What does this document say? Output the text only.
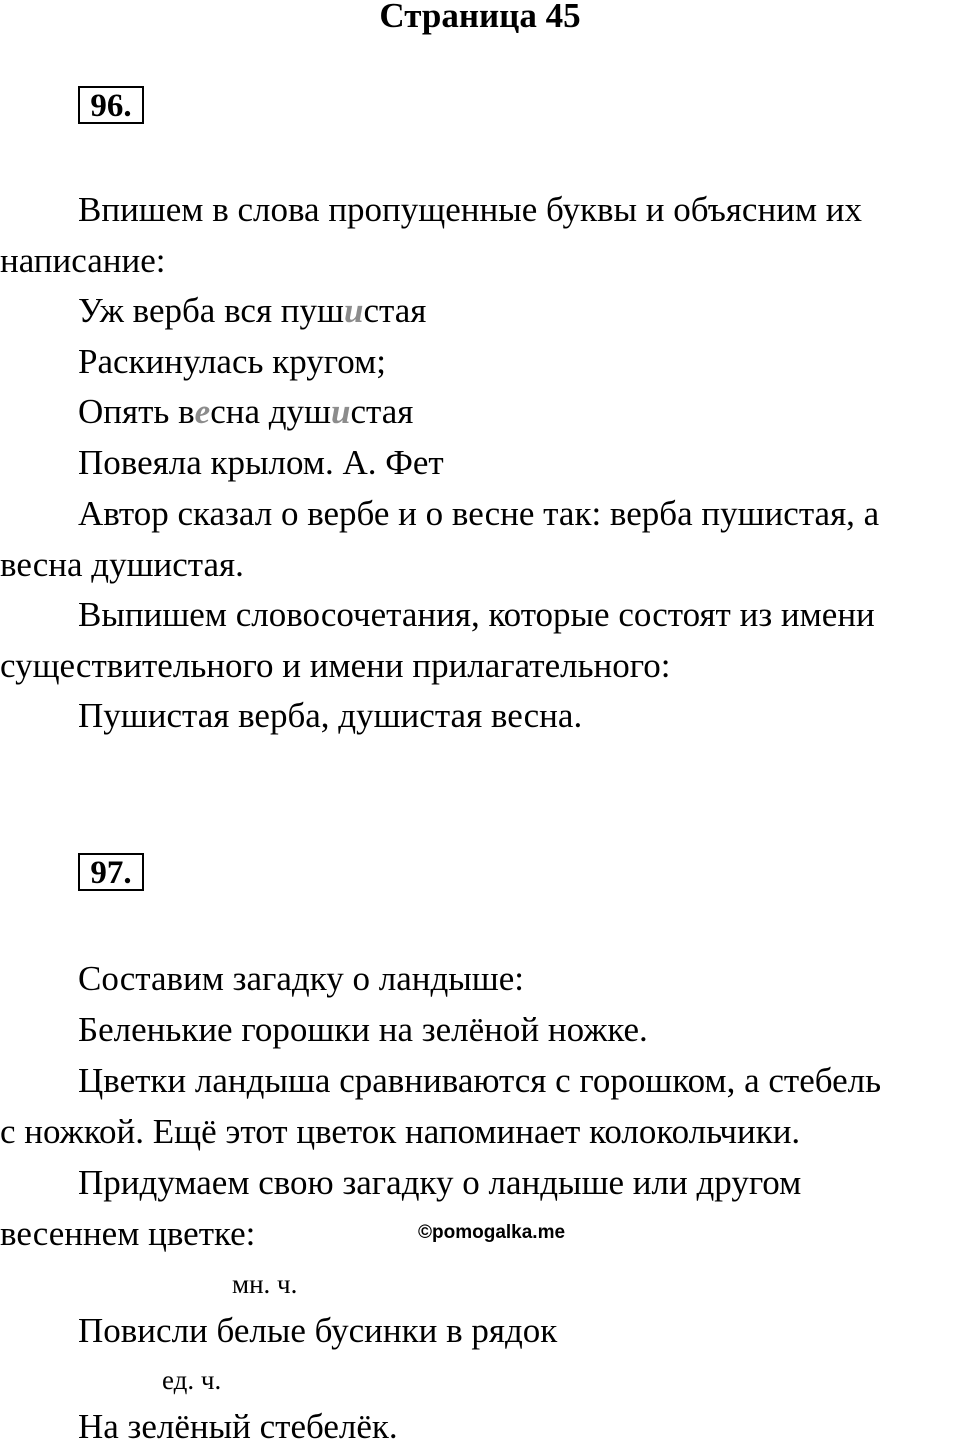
Страница 45
96.
Впишем в слова пропущенные буквы и объясним их
написание:
Уж верба вся пушистая
Раскинулась кругом;
Опять весна душистая
Повеяла крылом. А. Фет
Автор сказал о вербе и о весне так: верба пушистая, а
весна душистая.
Выпишем словосочетания, которые состоят из имени
существительного и имени прилагательного:
Пушистая верба, душистая весна.
97.
Составим загадку о ландыше:
Беленькие горошки на зелёной ножке.
Цветки ландыша сравниваются с горошком, а стебель
с ножкой. Ещё этот цветок напоминает колокольчики.
Придумаем свою загадку о ландыше или другом
весеннем цветке:	©pomogalka.me
мн. ч.
Повисли белые бусинки в рядок
ед. ч.
На зелёный стебелёк.
